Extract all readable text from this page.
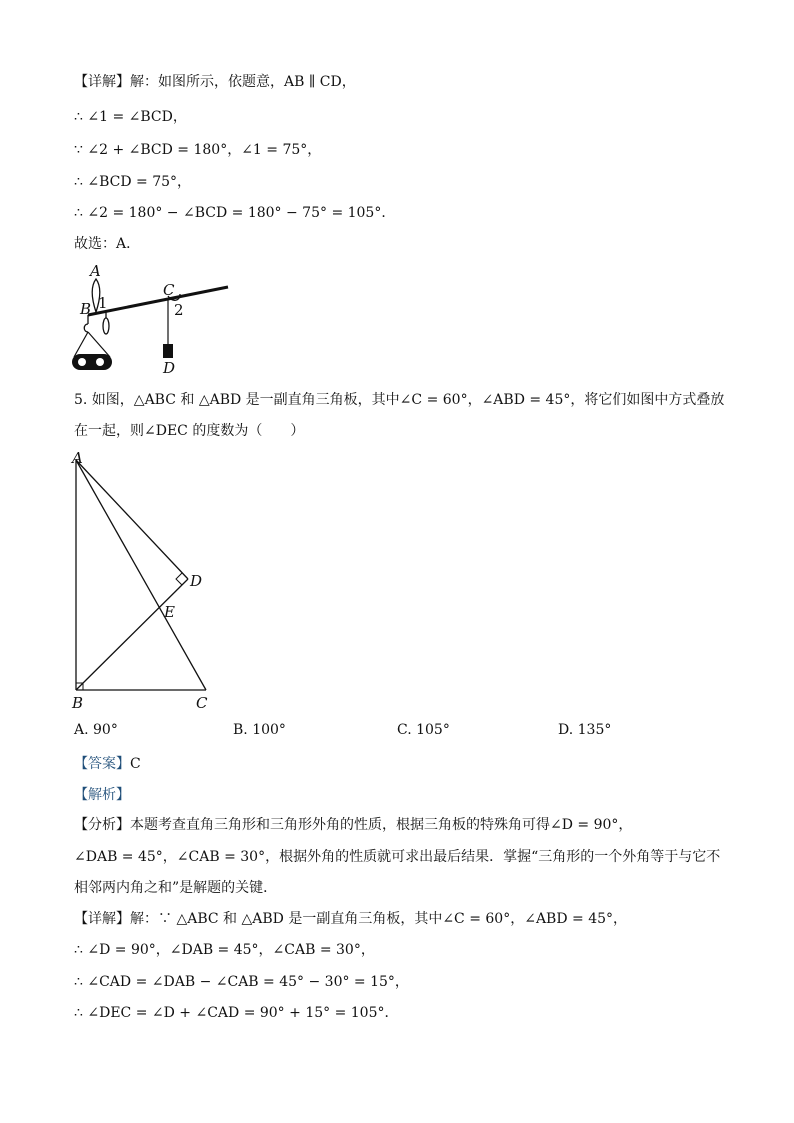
【详解】解：如图所示，依题意，AB ∥ CD，
∴ ∠1 = ∠BCD，
∵ ∠2 + ∠BCD = 180°，∠1 = 75°，
∴ ∠BCD = 75°，
∴ ∠2 = 180° − ∠BCD = 180° − 75° = 105°．
故选：A．
A
B
C
D
1	2
5. 如图，△ABC 和 △ABD 是一副直角三角板，其中∠C = 60°，∠ABD = 45°，将它们如图中方式叠放
在一起，则∠DEC 的度数为（　　）
A
B	C
D
E
A. 90°	B. 100°	C. 105°	D. 135°
【答案】C
【解析】
【分析】本题考查直角三角形和三角形外角的性质，根据三角板的特殊角可得∠D = 90°，
∠DAB = 45°，∠CAB = 30°，根据外角的性质就可求出最后结果．掌握“三角形的一个外角等于与它不
相邻两内角之和”是解题的关键．
【详解】解：∵ △ABC 和 △ABD 是一副直角三角板，其中∠C = 60°，∠ABD = 45°，
∴ ∠D = 90°，∠DAB = 45°，∠CAB = 30°，
∴ ∠CAD = ∠DAB − ∠CAB = 45° − 30° = 15°，
∴ ∠DEC = ∠D + ∠CAD = 90° + 15° = 105°．
